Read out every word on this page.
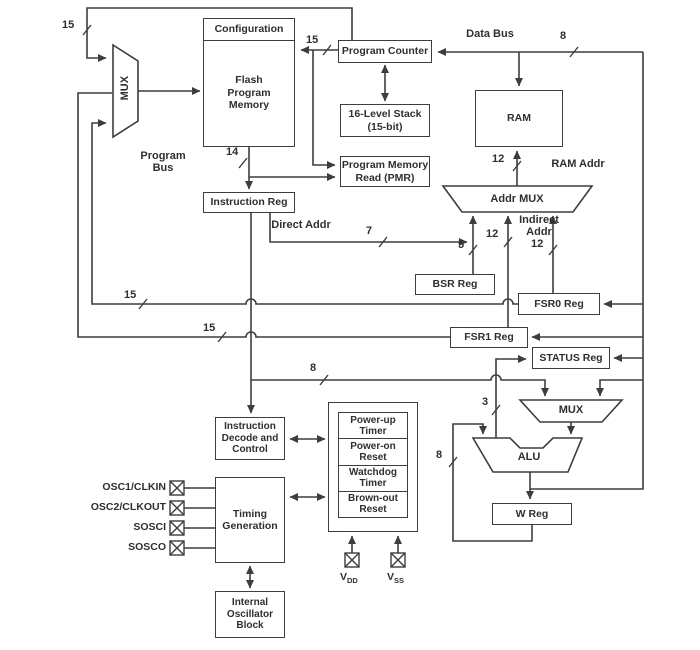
Configuration
Flash
Program
Memory
Program Counter
16-Level Stack
(15-bit)
RAM
Program Memory
Read (PMR)
Instruction Reg
BSR Reg
FSR0 Reg
FSR1 Reg
STATUS Reg
W Reg
Instruction
Decode and
Control
Timing
Generation
Internal
Oscillator
Block
Power-up
Timer
Power-on
Reset
Watchdog
Timer
Brown-out
Reset
MUX
Addr MUX
MUX
ALU
Data Bus
Program
Bus	RAM Addr
Direct Addr	Indirect
Addr
15
15
14
8
12
7
5
12
12
15
15
8
3
8
OSC1/CLKIN
OSC2/CLKOUT
SOSCI
SOSCO
$V_{DD}$	$V_{SS}$
